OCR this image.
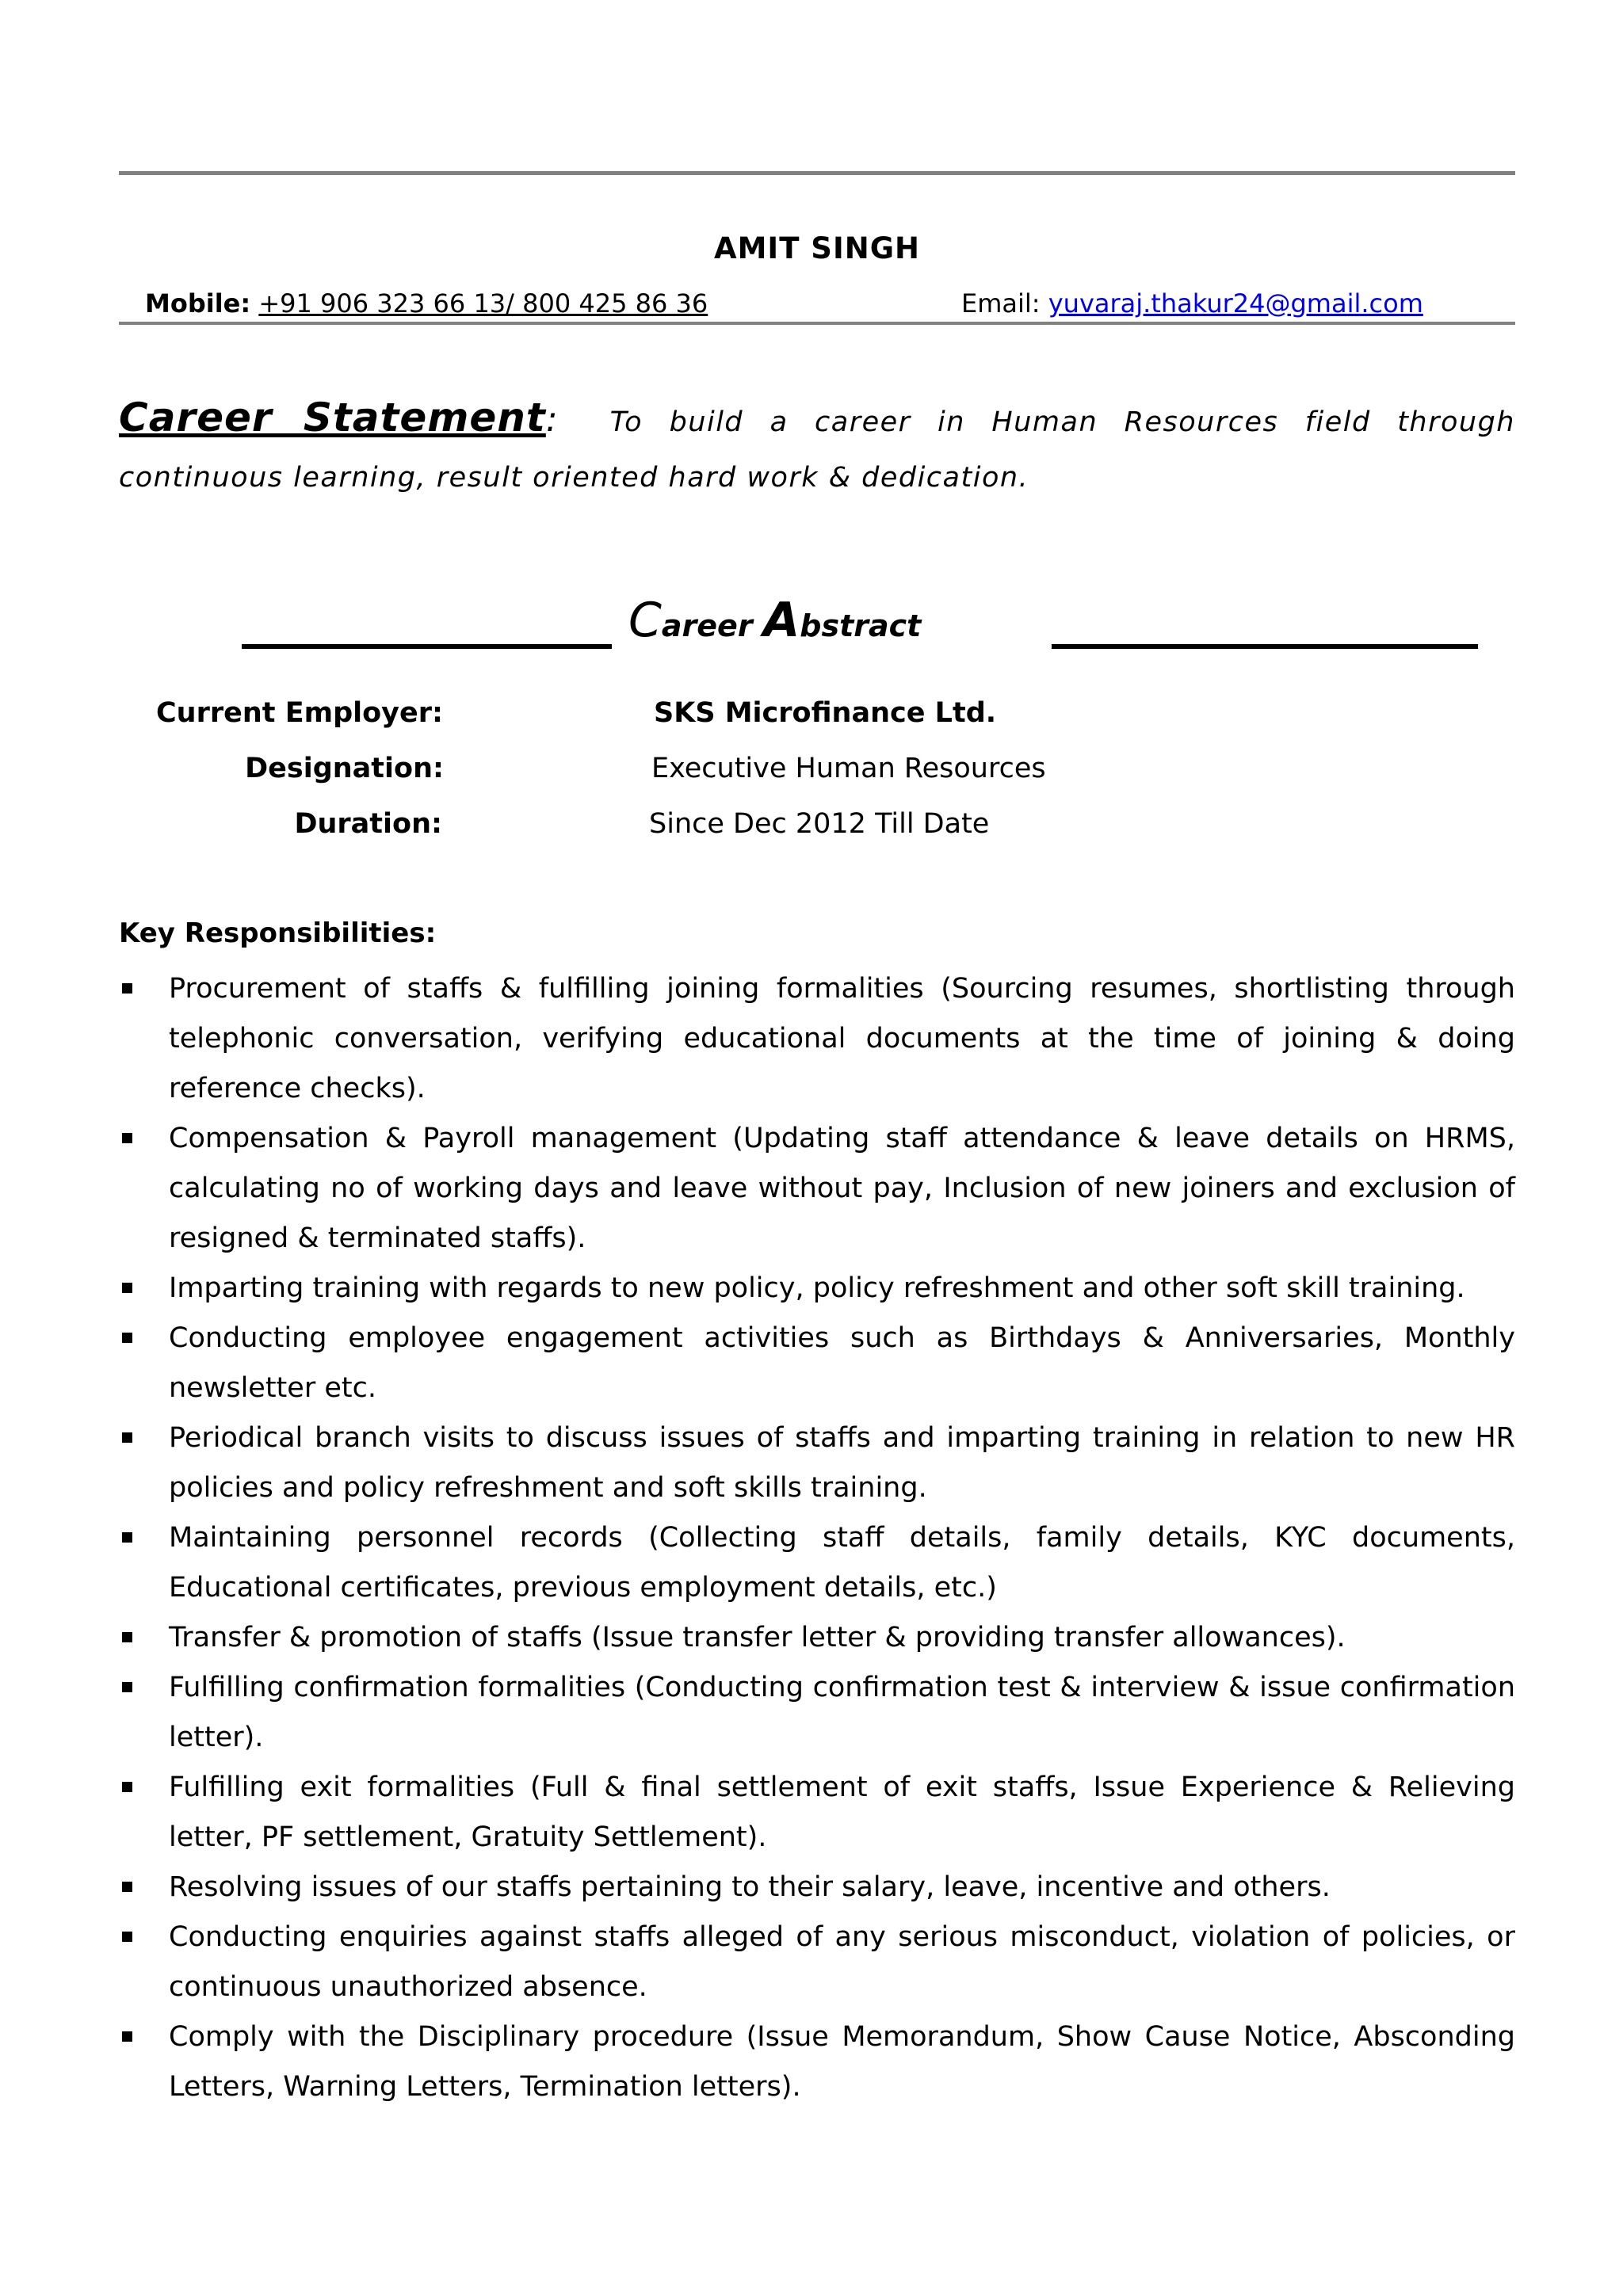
AMIT SINGH
Mobile: +91 906 323 66 13/ 800 425 86 36	Email: yuvaraj.thakur24@gmail.com
Career Statement: To build a career in Human Resources field through continuous learning, result oriented hard work & dedication.
Career Abstract
Current Employer:	SKS Microfinance Ltd.
Designation:	Executive Human Resources
Duration:	Since Dec 2012 Till Date
Key Responsibilities:
Procurement of staffs & fulfilling joining formalities (Sourcing resumes, shortlisting through telephonic conversation, verifying educational documents at the time of joining & doing reference checks).
Compensation & Payroll management (Updating staff attendance & leave details on HRMS, calculating no of working days and leave without pay, Inclusion of new joiners and exclusion of resigned & terminated staffs).
Imparting training with regards to new policy, policy refreshment and other soft skill training.
Conducting employee engagement activities such as Birthdays & Anniversaries, Monthly newsletter etc.
Periodical branch visits to discuss issues of staffs and imparting training in relation to new HR policies and policy refreshment and soft skills training.
Maintaining personnel records (Collecting staff details, family details, KYC documents, Educational certificates, previous employment details, etc.)
Transfer & promotion of staffs (Issue transfer letter & providing transfer allowances).
Fulfilling confirmation formalities (Conducting confirmation test & interview & issue confirmation letter).
Fulfilling exit formalities (Full & final settlement of exit staffs, Issue Experience & Relieving letter, PF settlement, Gratuity Settlement).
Resolving issues of our staffs pertaining to their salary, leave, incentive and others.
Conducting enquiries against staffs alleged of any serious misconduct, violation of policies, or continuous unauthorized absence.
Comply with the Disciplinary procedure (Issue Memorandum, Show Cause Notice, Absconding Letters, Warning Letters, Termination letters).
